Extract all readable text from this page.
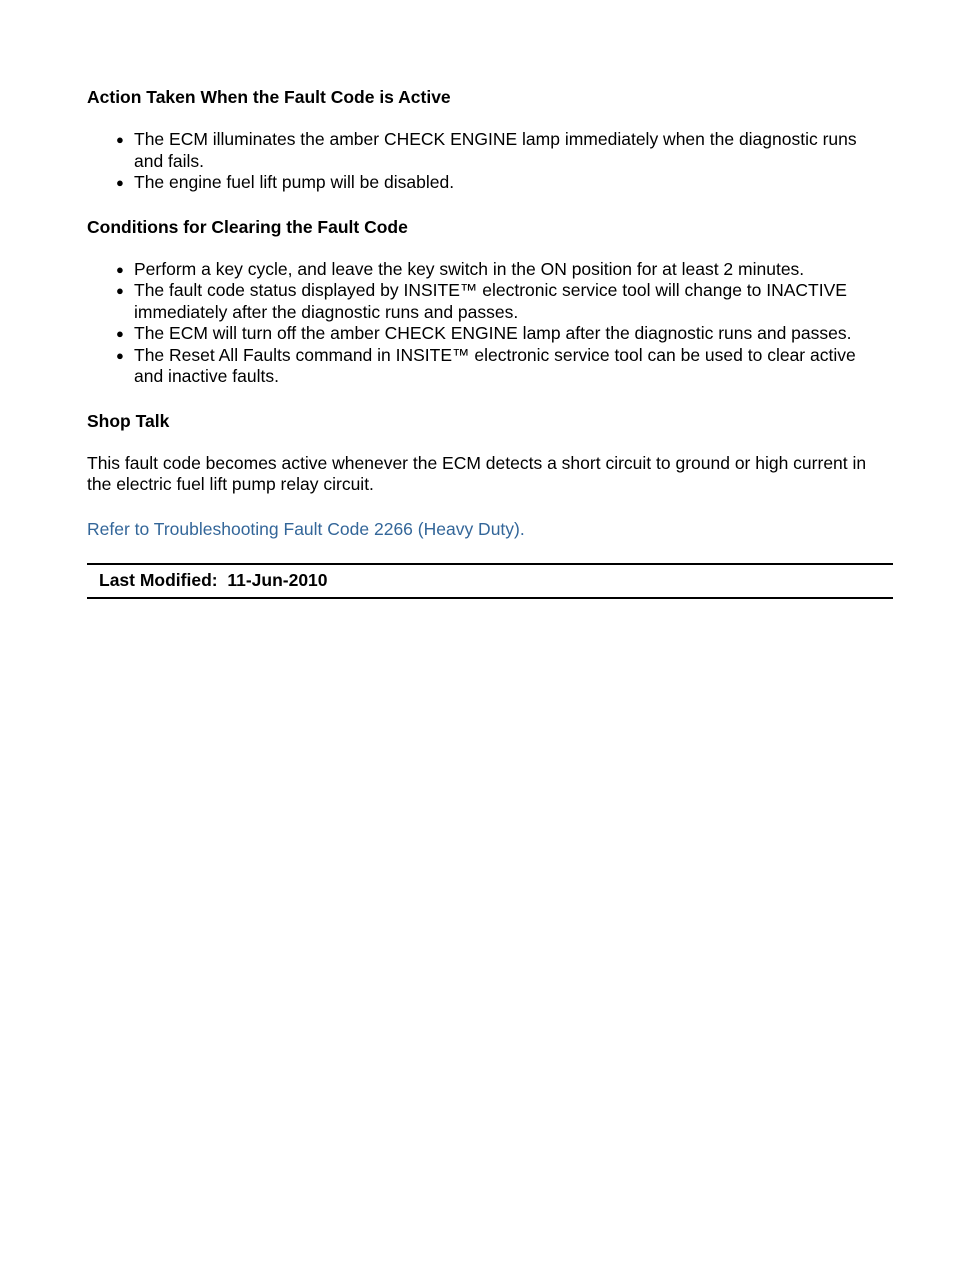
Action Taken When the Fault Code is Active
● The ECM illuminates the amber CHECK ENGINE lamp immediately when the diagnostic runs and fails.
● The engine fuel lift pump will be disabled.
Conditions for Clearing the Fault Code
● Perform a key cycle, and leave the key switch in the ON position for at least 2 minutes.
● The fault code status displayed by INSITE™ electronic service tool will change to INACTIVE immediately after the diagnostic runs and passes.
● The ECM will turn off the amber CHECK ENGINE lamp after the diagnostic runs and passes.
● The Reset All Faults command in INSITE™ electronic service tool can be used to clear active and inactive faults.
Shop Talk

This fault code becomes active whenever the ECM detects a short circuit to ground or high current in the electric fuel lift pump relay circuit.

Refer to Troubleshooting Fault Code 2266 (Heavy Duty).
Last Modified:  11-Jun-2010
